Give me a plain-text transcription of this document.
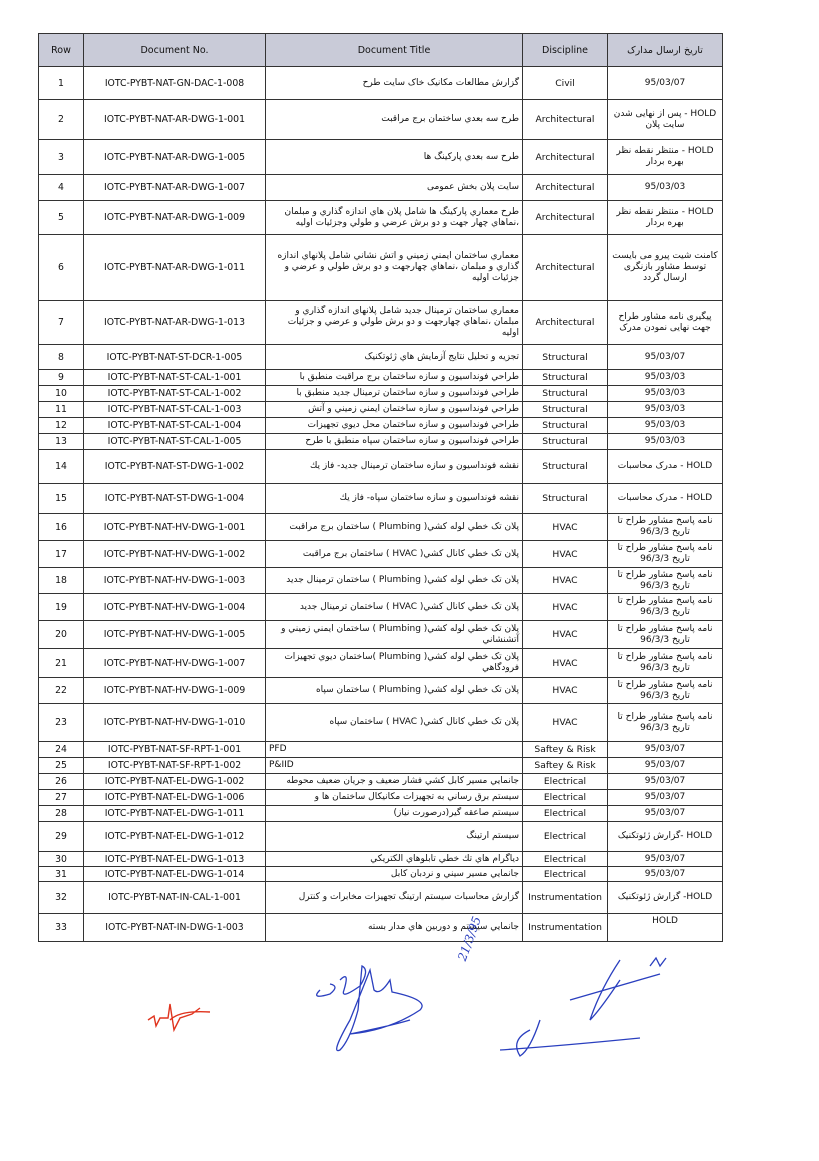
Row	Document No.	Document Title	Discipline	تاریخ ارسال مدارک
1	IOTC-PYBT-NAT-GN-DAC-1-008	گزارش مطالعات مکانیک خاک سایت طرح	Civil	95/03/07
2	IOTC-PYBT-NAT-AR-DWG-1-001	طرح سه بعدي ساختمان برج مراقبت	Architectural	HOLD - پس از نهایی شدن سایت پلان
3	IOTC-PYBT-NAT-AR-DWG-1-005	طرح سه بعدي پارکینگ ها	Architectural	HOLD - منتظر نقطه نظر بهره بردار
4	IOTC-PYBT-NAT-AR-DWG-1-007	سایت پلان بخش عمومی	Architectural	95/03/03
5	IOTC-PYBT-NAT-AR-DWG-1-009	طرح معماري پارکینگ ها شامل پلان هاي اندازه گذاري و مبلمان ،نماهاي چهار جهت و دو برش عرضي و طولي وجزئيات اوليه	Architectural	HOLD - منتظر نقطه نظر بهره بردار
6	IOTC-PYBT-NAT-AR-DWG-1-011	معماري ساختمان ايمني زميني و اتش نشاني شامل پلانهاي اندازه گذاري و مبلمان ،نماهاي چهارجهت و دو برش طولي و عرضي و جزئيات اوليه	Architectural	کامنت شیت پیرو می بایست توسط مشاور بازنگری ارسال گردد
7	IOTC-PYBT-NAT-AR-DWG-1-013	معماري ساختمان ترمينال جديد شامل پلانهای اندازه گذاري و مبلمان ،نماهاي چهارجهت و دو برش طولي و عرضي و جزئيات اوليه	Architectural	پیگیری نامه مشاور طراح جهت نهایی نمودن مدرک
8	IOTC-PYBT-NAT-ST-DCR-1-005	تجزيه و تحليل نتايج آزمايش هاي ژئوتکنيک	Structural	95/03/07
9	IOTC-PYBT-NAT-ST-CAL-1-001	طراحي فونداسيون و سازه ساختمان برج مراقبت منطبق با	Structural	95/03/03
10	IOTC-PYBT-NAT-ST-CAL-1-002	طراحي فونداسيون و سازه ساختمان ترمينال جديد منطبق با	Structural	95/03/03
11	IOTC-PYBT-NAT-ST-CAL-1-003	طراحي فونداسيون و سازه ساختمان ايمني زميني و آتش	Structural	95/03/03
12	IOTC-PYBT-NAT-ST-CAL-1-004	طراحي فونداسيون و سازه ساختمان محل ديوي تجهيزات	Structural	95/03/03
13	IOTC-PYBT-NAT-ST-CAL-1-005	طراحي فونداسيون و سازه ساختمان سپاه منطبق با طرح	Structural	95/03/03
14	IOTC-PYBT-NAT-ST-DWG-1-002	نقشه فونداسيون و سازه ساختمان ترمينال جديد- فاز يك	Structural	HOLD - مدرک محاسبات
15	IOTC-PYBT-NAT-ST-DWG-1-004	نقشه فونداسيون و سازه ساختمان سپاه- فاز يك	Structural	HOLD - مدرک محاسبات
16	IOTC-PYBT-NAT-HV-DWG-1-001	پلان تک خطي لوله کشي( Plumbing ) ساختمان برج مراقبت	HVAC	نامه پاسخ مشاور طراح تا تاریخ 96/3/3
17	IOTC-PYBT-NAT-HV-DWG-1-002	پلان تک خطي کانال کشي( HVAC ) ساختمان برج مراقبت	HVAC	نامه پاسخ مشاور طراح تا تاریخ 96/3/3
18	IOTC-PYBT-NAT-HV-DWG-1-003	پلان تک خطي لوله کشي( Plumbing ) ساختمان ترمينال جديد	HVAC	نامه پاسخ مشاور طراح تا تاریخ 96/3/3
19	IOTC-PYBT-NAT-HV-DWG-1-004	پلان تک خطي کانال کشي( HVAC ) ساختمان ترمينال جديد	HVAC	نامه پاسخ مشاور طراح تا تاریخ 96/3/3
20	IOTC-PYBT-NAT-HV-DWG-1-005	پلان تک خطي لوله کشي( Plumbing ) ساختمان ايمني زميني و آتشنشاني	HVAC	نامه پاسخ مشاور طراح تا تاریخ 96/3/3
21	IOTC-PYBT-NAT-HV-DWG-1-007	پلان تک خطي لوله کشي( Plumbing )ساختمان ديوي تجهيزات فرودگاهي	HVAC	نامه پاسخ مشاور طراح تا تاریخ 96/3/3
22	IOTC-PYBT-NAT-HV-DWG-1-009	پلان تک خطي لوله کشي( Plumbing ) ساختمان سپاه	HVAC	نامه پاسخ مشاور طراح تا تاریخ 96/3/3
23	IOTC-PYBT-NAT-HV-DWG-1-010	پلان تک خطي کانال کشي( HVAC ) ساختمان سپاه	HVAC	نامه پاسخ مشاور طراح تا تاریخ 96/3/3
24	IOTC-PYBT-NAT-SF-RPT-1-001	PFD	Saftey & Risk	95/03/07
25	IOTC-PYBT-NAT-SF-RPT-1-002	P&IID	Saftey & Risk	95/03/07
26	IOTC-PYBT-NAT-EL-DWG-1-002	جانمايي مسير کابل کشي فشار ضعيف و جريان ضعيف محوطه	Electrical	95/03/07
27	IOTC-PYBT-NAT-EL-DWG-1-006	سيستم برق رساني به تجهيزات مکانيکال ساختمان ها و	Electrical	95/03/07
28	IOTC-PYBT-NAT-EL-DWG-1-011	سيستم صاعقه گير(درصورت نياز)	Electrical	95/03/07
29	IOTC-PYBT-NAT-EL-DWG-1-012	سيستم ارتينگ	Electrical	HOLD -گزارش ژئوتکنیک
30	IOTC-PYBT-NAT-EL-DWG-1-013	دياگرام هاي تك خطي تابلوهاي الكتريكي	Electrical	95/03/07
31	IOTC-PYBT-NAT-EL-DWG-1-014	جانمايي مسير سيني و نردبان کابل	Electrical	95/03/07
32	IOTC-PYBT-NAT-IN-CAL-1-001	گزارش محاسبات سيستم ارتينگ تجهيزات مخابرات و کنترل	Instrumentation	HOLD- گزارش ژئوتکنیک
33	IOTC-PYBT-NAT-IN-DWG-1-003	جانمايي سيستم و دوربين هاي مدار بسته	Instrumentation	HOLD
21/3/95
